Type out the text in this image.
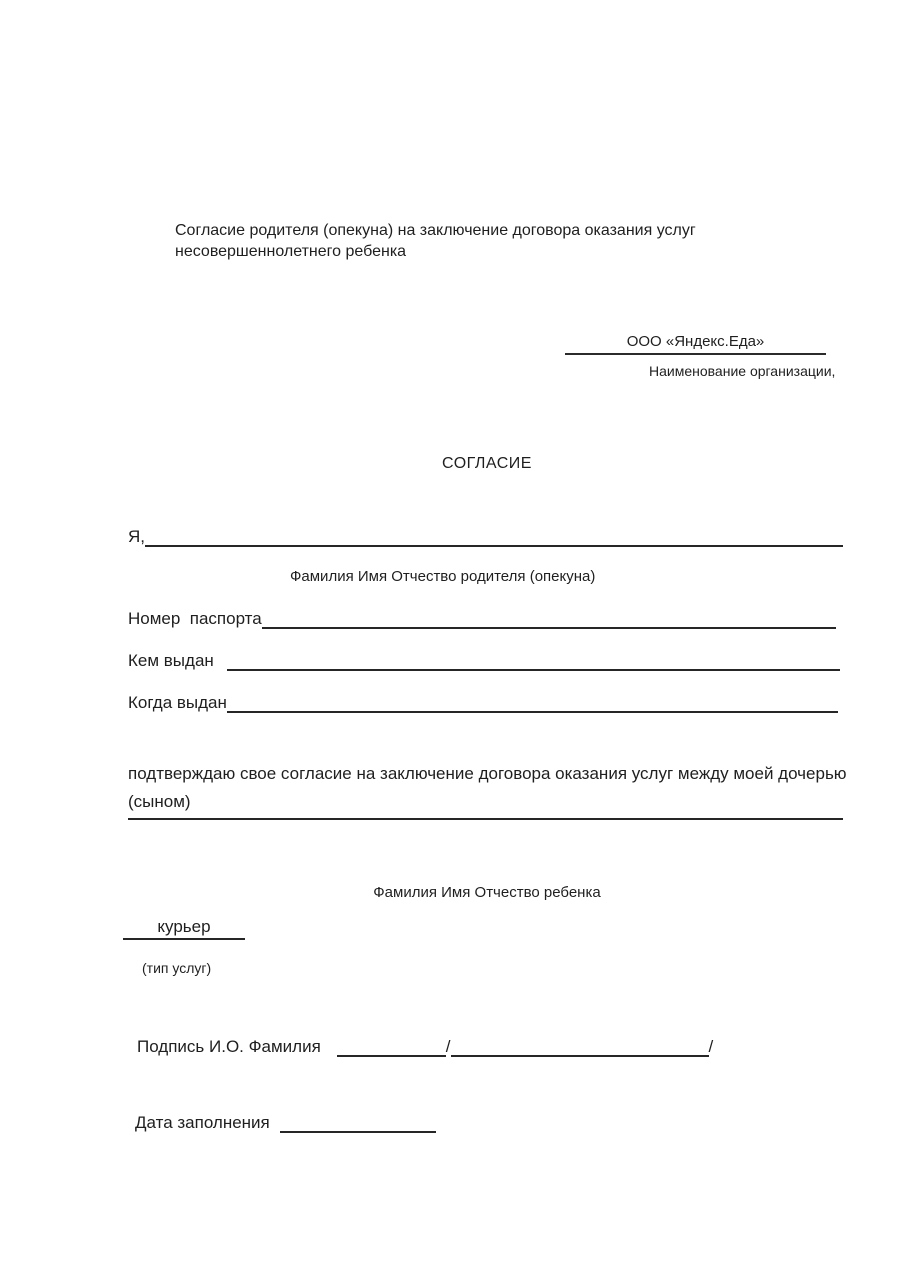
Согласие родителя (опекуна) на заключение договора оказания услуг несовершеннолетнего ребенка
ООО «Яндекс.Еда»
Наименование организации,
СОГЛАСИЕ
Я,
Фамилия Имя Отчество родителя (опекуна)
Номер  паспорта
Кем выдан
Когда выдан
подтверждаю свое согласие на заключение договора оказания услуг между моей дочерью (сыном)
Фамилия Имя Отчество ребенка
курьер
(тип услуг)
Подпись И.О. Фамилия	/	/
Дата заполнения
